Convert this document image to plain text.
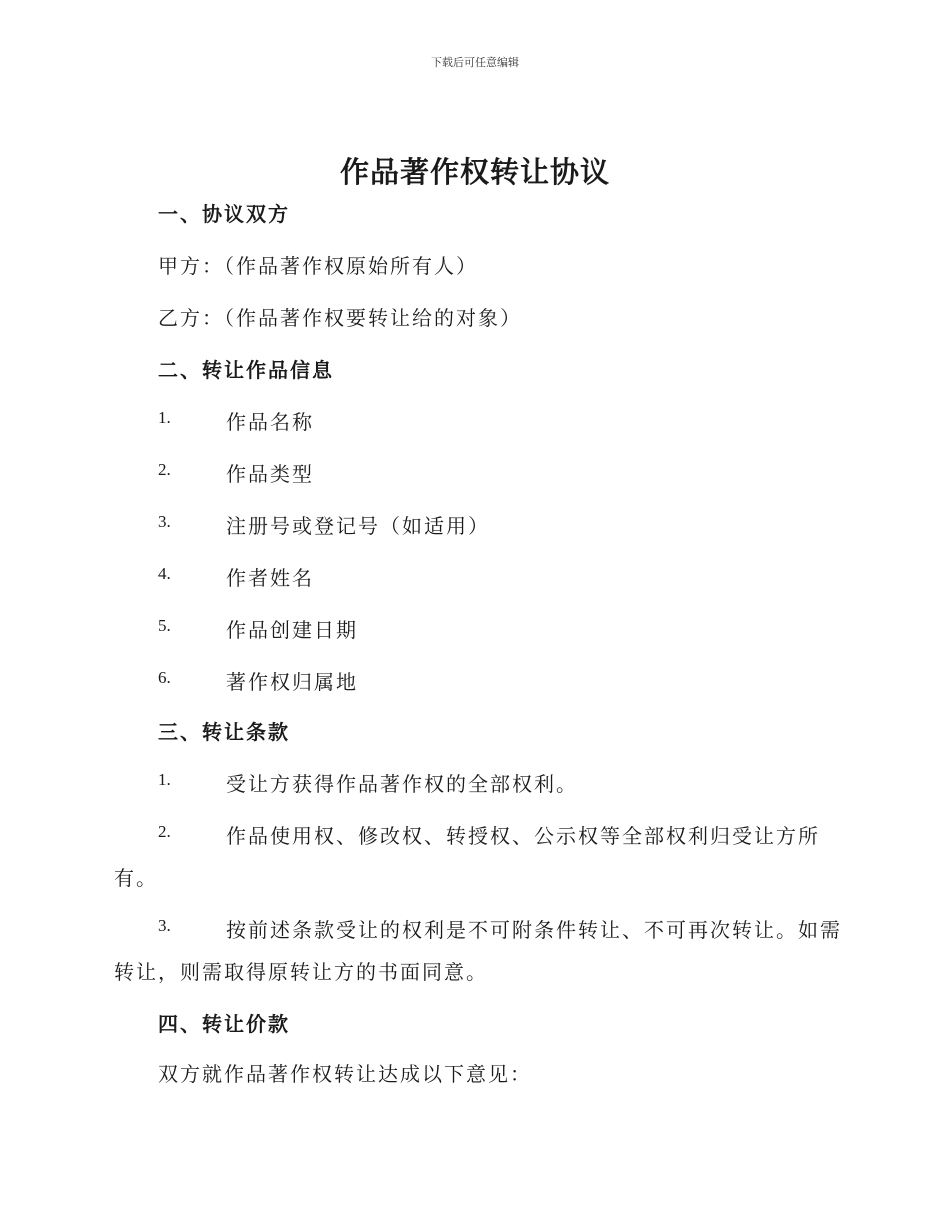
下载后可任意编辑
作品著作权转让协议
一、协议双方
甲方：（作品著作权原始所有人）
乙方：（作品著作权要转让给的对象）
二、转让作品信息
1.	作品名称
2.	作品类型
3.	注册号或登记号（如适用）
4.	作者姓名
5.	作品创建日期
6.	著作权归属地
三、转让条款
1.	受让方获得作品著作权的全部权利。
2.	作品使用权、修改权、转授权、公示权等全部权利归受让方所
有。
3.	按前述条款受让的权利是不可附条件转让、不可再次转让。如需
转让，则需取得原转让方的书面同意。
四、转让价款
双方就作品著作权转让达成以下意见：
